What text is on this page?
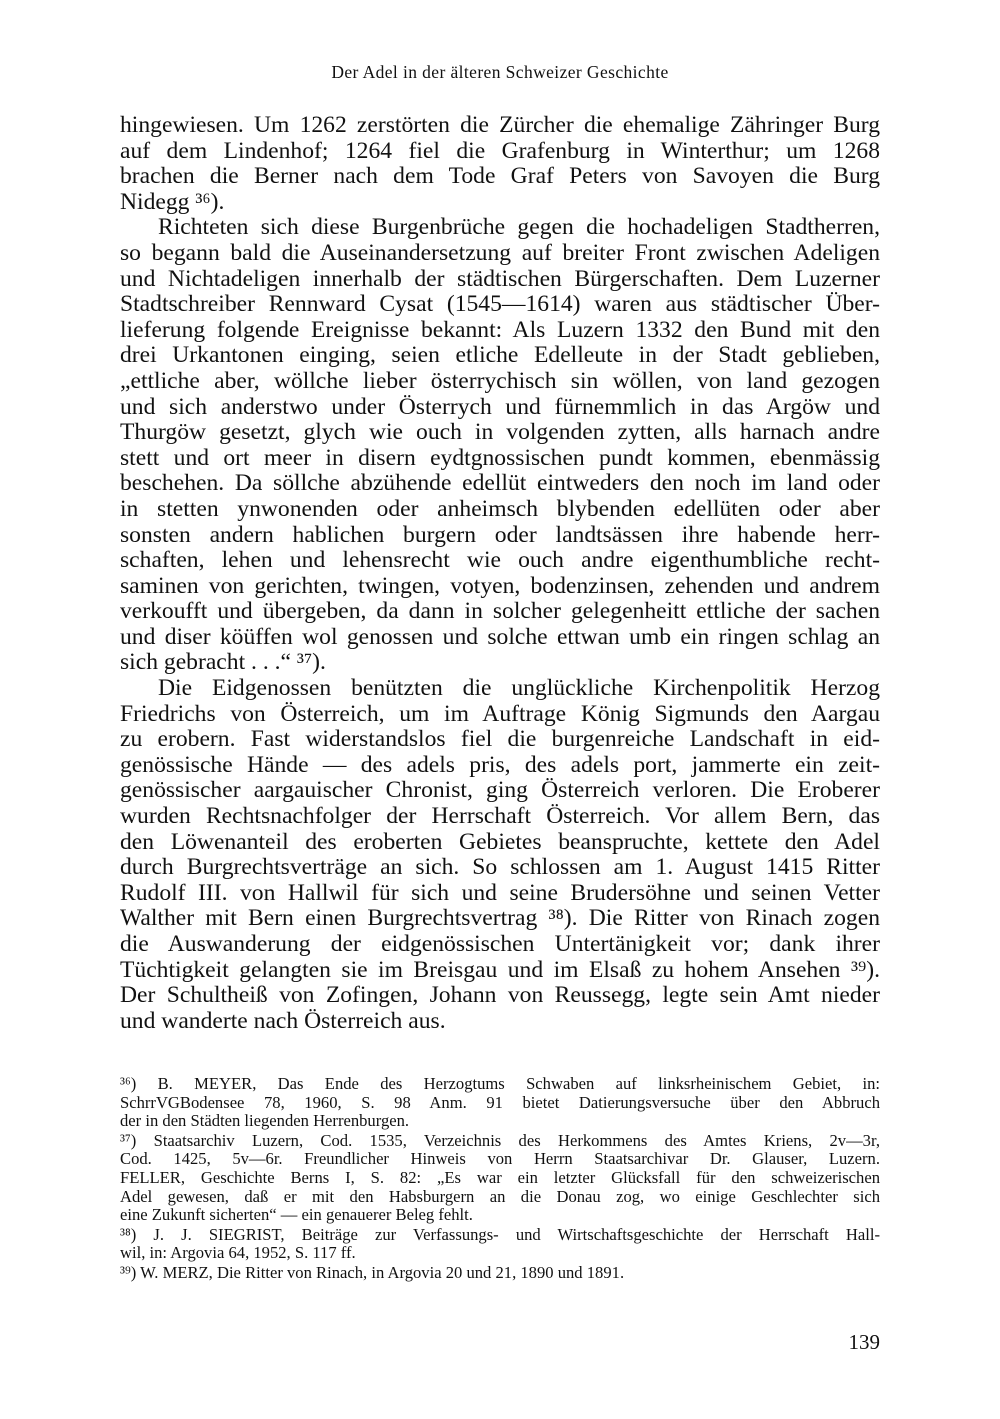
Der Adel in der älteren Schweizer Geschichte
hingewiesen. Um 1262 zerstörten die Zürcher die ehemalige Zähringer Burg
auf dem Lindenhof; 1264 fiel die Grafenburg in Winterthur; um 1268
brachen die Berner nach dem Tode Graf Peters von Savoyen die Burg
Nidegg ³⁶).
Richteten sich diese Burgenbrüche gegen die hochadeligen Stadtherren,
so begann bald die Auseinandersetzung auf breiter Front zwischen Adeligen
und Nichtadeligen innerhalb der städtischen Bürgerschaften. Dem Luzerner
Stadtschreiber Rennward Cysat (1545—1614) waren aus städtischer Über-
lieferung folgende Ereignisse bekannt: Als Luzern 1332 den Bund mit den
drei Urkantonen einging, seien etliche Edelleute in der Stadt geblieben,
„ettliche aber, wöllche lieber österrychisch sin wöllen, von land gezogen
und sich anderstwo under Österrych und fürnemmlich in das Argöw und
Thurgöw gesetzt, glych wie ouch in volgenden zytten, alls harnach andre
stett und ort meer in disern eydtgnossischen pundt kommen, ebenmässig
beschehen. Da söllche abzühende edellüt eintweders den noch im land oder
in stetten ynwonenden oder anheimsch blybenden edellüten oder aber
sonsten andern hablichen burgern oder landtsässen ihre habende herr-
schaften, lehen und lehensrecht wie ouch andre eigenthumbliche recht-
saminen von gerichten, twingen, votyen, bodenzinsen, zehenden und andrem
verkoufft und übergeben, da dann in solcher gelegenheitt ettliche der sachen
und diser köüffen wol genossen und solche ettwan umb ein ringen schlag an
sich gebracht . . .“ ³⁷).
Die Eidgenossen benützten die unglückliche Kirchenpolitik Herzog
Friedrichs von Österreich, um im Auftrage König Sigmunds den Aargau
zu erobern. Fast widerstandslos fiel die burgenreiche Landschaft in eid-
genössische Hände — des adels pris, des adels port, jammerte ein zeit-
genössischer aargauischer Chronist, ging Österreich verloren. Die Eroberer
wurden Rechtsnachfolger der Herrschaft Österreich. Vor allem Bern, das
den Löwenanteil des eroberten Gebietes beanspruchte, kettete den Adel
durch Burgrechtsverträge an sich. So schlossen am 1. August 1415 Ritter
Rudolf III. von Hallwil für sich und seine Brudersöhne und seinen Vetter
Walther mit Bern einen Burgrechtsvertrag ³⁸). Die Ritter von Rinach zogen
die Auswanderung der eidgenössischen Untertänigkeit vor; dank ihrer
Tüchtigkeit gelangten sie im Breisgau und im Elsaß zu hohem Ansehen ³⁹).
Der Schultheiß von Zofingen, Johann von Reussegg, legte sein Amt nieder
und wanderte nach Österreich aus.
³⁶) B. MEYER, Das Ende des Herzogtums Schwaben auf linksrheinischem Gebiet, in:
SchrrVGBodensee 78, 1960, S. 98 Anm. 91 bietet Datierungsversuche über den Abbruch
der in den Städten liegenden Herrenburgen.
³⁷) Staatsarchiv Luzern, Cod. 1535, Verzeichnis des Herkommens des Amtes Kriens, 2v—3r,
Cod. 1425, 5v—6r. Freundlicher Hinweis von Herrn Staatsarchivar Dr. Glauser, Luzern.
FELLER, Geschichte Berns I, S. 82: „Es war ein letzter Glücksfall für den schweizerischen
Adel gewesen, daß er mit den Habsburgern an die Donau zog, wo einige Geschlechter sich
eine Zukunft sicherten“ — ein genauerer Beleg fehlt.
³⁸) J. J. SIEGRIST, Beiträge zur Verfassungs- und Wirtschaftsgeschichte der Herrschaft Hall-
wil, in: Argovia 64, 1952, S. 117 ff.
³⁹) W. MERZ, Die Ritter von Rinach, in Argovia 20 und 21, 1890 und 1891.
139
